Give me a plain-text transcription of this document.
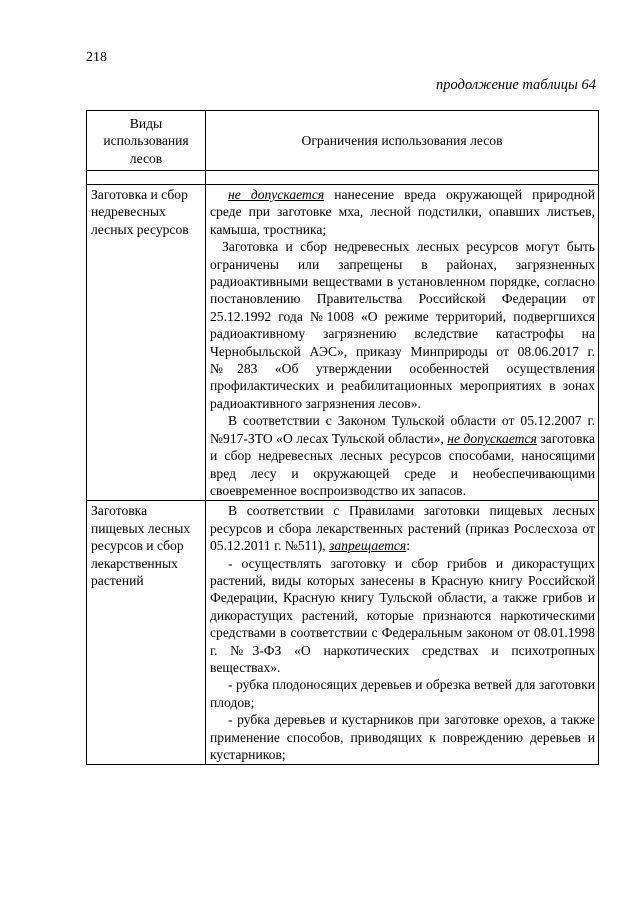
218
продолжение таблицы 64
Виды использования лесов	Ограничения использования лесов

Заготовка и сбор недревесных лесных ресурсов	не допускается нанесение вреда окружающей природной среде при заготовке мха, лесной подстилки, опавших листьев, камыша, тростника;

Заготовка и сбор недревесных лесных ресурсов могут быть ограничены или запрещены в районах, загрязненных радиоактивными веществами в установленном порядке, согласно постановлению Правительства Российской Федерации от 25.12.1992 года №1008 «О режиме территорий, подвергшихся радиоактивному загрязнению вследствие катастрофы на Чернобыльской АЭС», приказу Минприроды от 08.06.2017 г. №283 «Об утверждении особенностей осуществления профилактических и реабилитационных мероприятиях в зонах радиоактивного загрязнения лесов».

В соответствии с Законом Тульской области от 05.12.2007 г. №917-ЗТО «О лесах Тульской области», не допускается заготовка и сбор недревесных лесных ресурсов способами, наносящими вред лесу и окружающей среде и необеспечивающими своевременное воспроизводство их запасов.

Заготовка пищевых лесных ресурсов и сбор лекарственных растений	В соответствии с Правилами заготовки пищевых лесных ресурсов и сбора лекарственных растений (приказ Рослесхоза от 05.12.2011 г. №511), запрещается:

- осуществлять заготовку и сбор грибов и дикорастущих растений, виды которых занесены в Красную книгу Российской Федерации, Красную книгу Тульской области, а также грибов и дикорастущих растений, которые признаются наркотическими средствами в соответствии с Федеральным законом от 08.01.1998 г. №3-ФЗ «О наркотических средствах и психотропных веществах».

- рубка плодоносящих деревьев и обрезка ветвей для заготовки плодов;

- рубка деревьев и кустарников при заготовке орехов, а также применение способов, приводящих к повреждению деревьев и кустарников;
